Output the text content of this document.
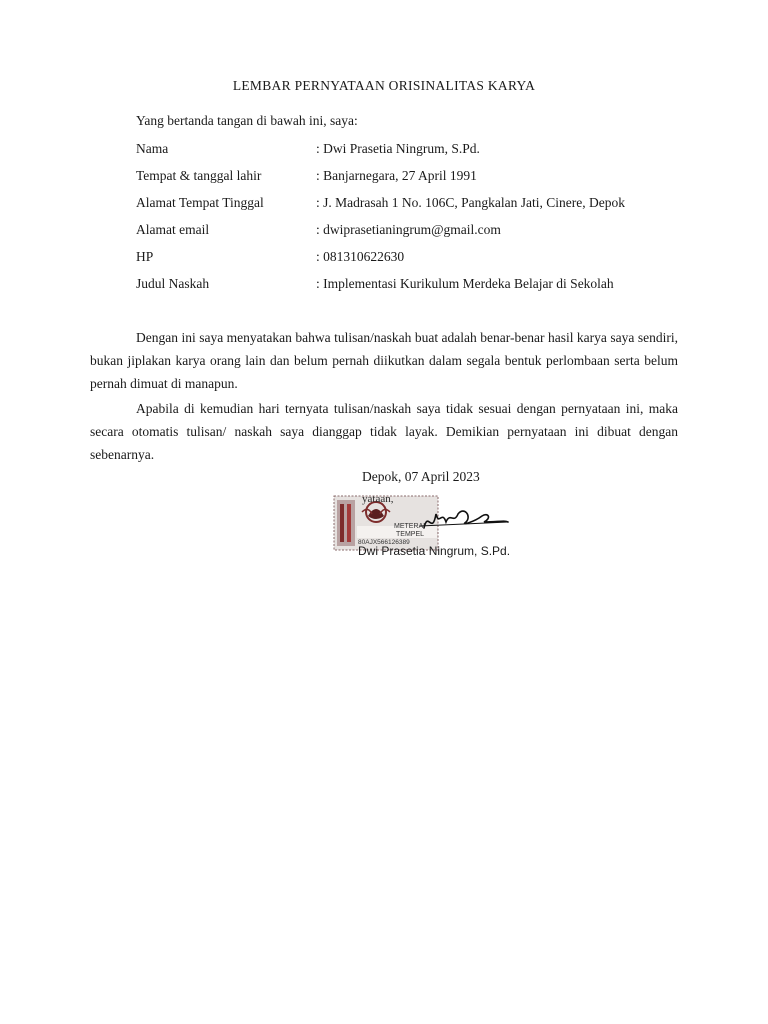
LEMBAR PERNYATAAN ORISINALITAS KARYA
Yang bertanda tangan di bawah ini, saya:
Nama	: Dwi Prasetia Ningrum, S.Pd.
Tempat & tanggal lahir	: Banjarnegara, 27 April 1991
Alamat Tempat Tinggal	: J. Madrasah 1 No. 106C, Pangkalan Jati, Cinere, Depok
Alamat email	: dwiprasetianingrum@gmail.com
HP	: 081310622630
Judul Naskah	: Implementasi Kurikulum Merdeka Belajar di Sekolah

Dengan ini saya menyatakan bahwa tulisan/naskah buat adalah benar-benar hasil karya saya sendiri, bukan jiplakan karya orang lain dan belum pernah diikutkan dalam segala bentuk perlombaan serta belum pernah dimuat di manapun.

Apabila di kemudian hari ternyata tulisan/naskah saya tidak sesuai dengan pernyataan ini, maka secara otomatis tulisan/ naskah saya dianggap tidak layak. Demikian pernyataan ini dibuat dengan sebenarnya.

Depok, 07 April 2023
METERAI
TEMPEL
80AJX566126389
yataan,
Dwi Prasetia Ningrum, S.Pd.
